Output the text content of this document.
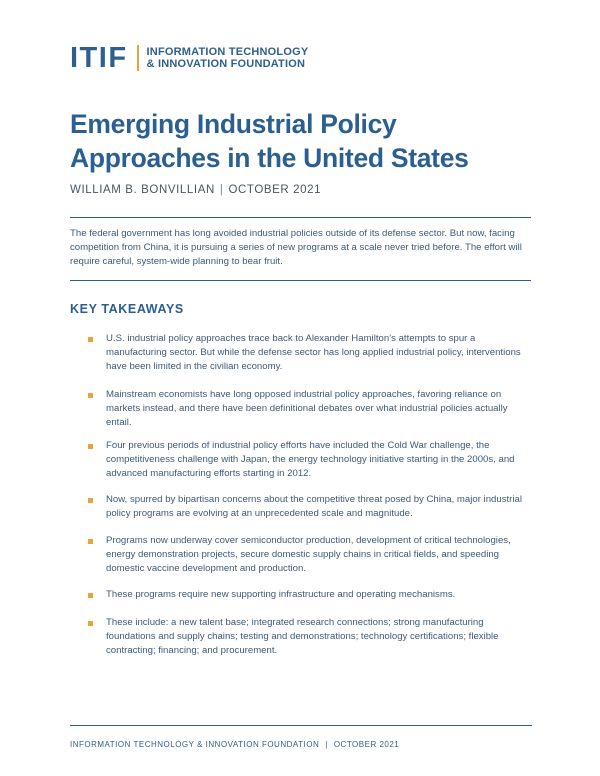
ITIF INFORMATION TECHNOLOGY
& INNOVATION FOUNDATION
Emerging Industrial Policy Approaches in the United States
WILLIAM B. BONVILLIAN | OCTOBER 2021

The federal government has long avoided industrial policies outside of its defense sector. But now, facing competition from China, it is pursuing a series of new programs at a scale never tried before. The effort will require careful, system-wide planning to bear fruit.

KEY TAKEAWAYS
U.S. industrial policy approaches trace back to Alexander Hamilton’s attempts to spur a manufacturing sector. But while the defense sector has long applied industrial policy, interventions have been limited in the civilian economy.
Mainstream economists have long opposed industrial policy approaches, favoring reliance on markets instead, and there have been definitional debates over what industrial policies actually entail.
Four previous periods of industrial policy efforts have included the Cold War challenge, the competitiveness challenge with Japan, the energy technology initiative starting in the 2000s, and advanced manufacturing efforts starting in 2012.
Now, spurred by bipartisan concerns about the competitive threat posed by China, major industrial policy programs are evolving at an unprecedented scale and magnitude.
Programs now underway cover semiconductor production, development of critical technologies, energy demonstration projects, secure domestic supply chains in critical fields, and speeding domestic vaccine development and production.
These programs require new supporting infrastructure and operating mechanisms.
These include: a new talent base; integrated research connections; strong manufacturing foundations and supply chains; testing and demonstrations; technology certifications; flexible contracting; financing; and procurement.
INFORMATION TECHNOLOGY & INNOVATION FOUNDATION | OCTOBER 2021
